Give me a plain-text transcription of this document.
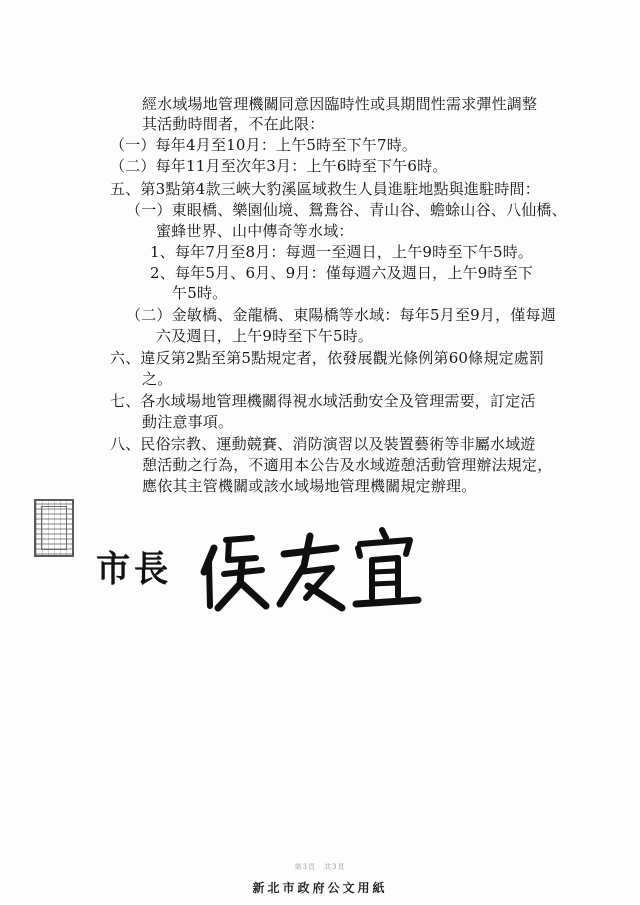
經水域場地管理機關同意因臨時性或具期間性需求彈性調整
其活動時間者，不在此限：
（一）每年4月至10月：上午5時至下午7時。
（二）每年11月至次年3月：上午6時至下午6時。
五、第3點第4款三峽大豹溪區域救生人員進駐地點與進駐時間：
（一）東眼橋、樂園仙境、鴛鴦谷、青山谷、蟾蜍山谷、八仙橋、
蜜蜂世界、山中傳奇等水域：
1、每年7月至8月：每週一至週日，上午9時至下午5時。
2、每年5月、6月、9月：僅每週六及週日，上午9時至下
午5時。
（二）金敏橋、金龍橋、東陽橋等水域：每年5月至9月，僅每週
六及週日，上午9時至下午5時。
六、違反第2點至第5點規定者，依發展觀光條例第60條規定處罰
之。
七、各水域場地管理機關得視水域活動安全及管理需要，訂定活
動注意事項。
八、民俗宗教、運動競賽、消防演習以及裝置藝術等非屬水域遊
憩活動之行為，不適用本公告及水域遊憩活動管理辦法規定，
應依其主管機關或該水域場地管理機關規定辦理。
市長
第3頁　共3頁
新北市政府公文用紙
